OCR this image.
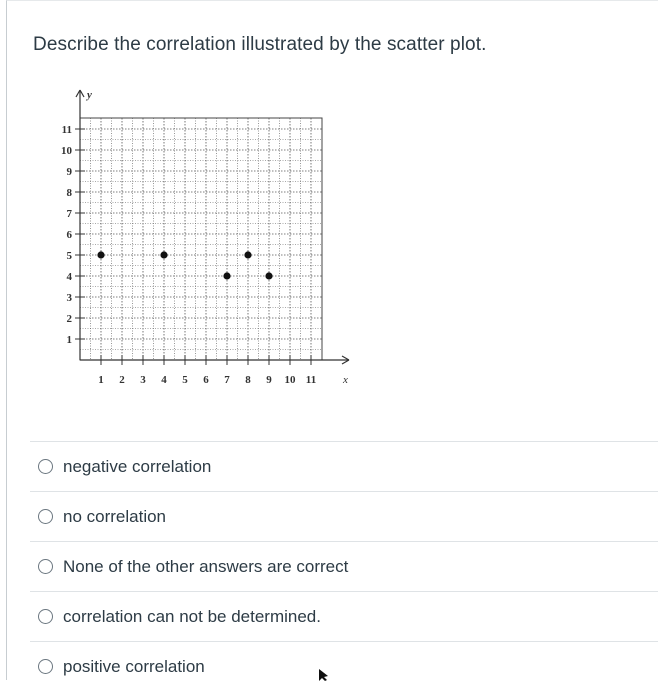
Describe the correlation illustrated by the scatter plot.
1 2 3 4 5 6 7 8 9 10 11
1
2
3
4
5
6
7
8
9
10
11
x
y
negative correlation
no correlation
None of the other answers are correct
correlation can not be determined.
positive correlation
